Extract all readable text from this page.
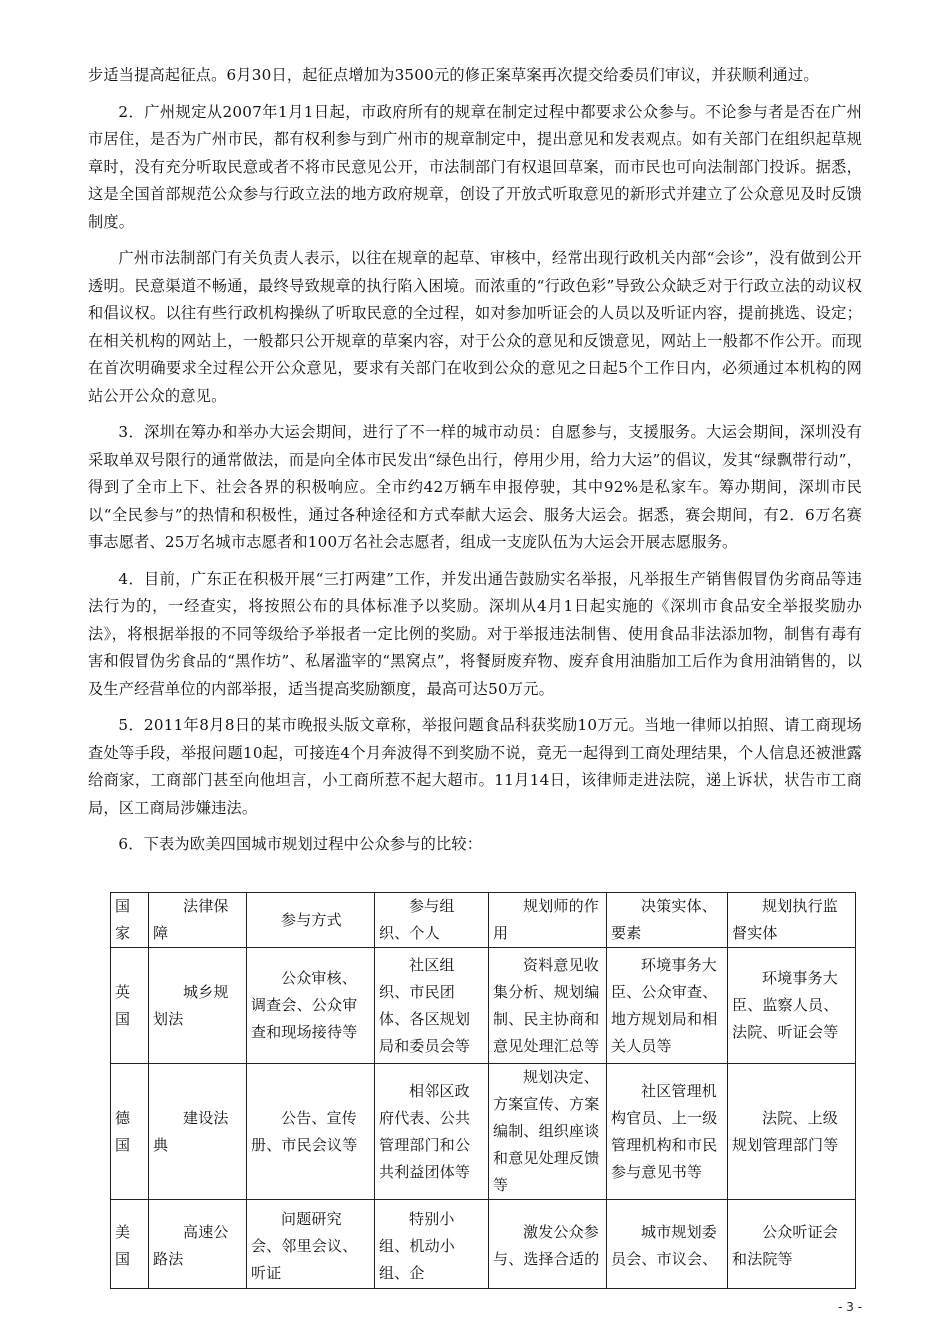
步适当提高起征点。6月30日，起征点增加为3500元的修正案草案再次提交给委员们审议，并获顺利通过。

2．广州规定从2007年1月1日起，市政府所有的规章在制定过程中都要求公众参与。不论参与者是否在广州市居住，是否为广州市民，都有权利参与到广州市的规章制定中，提出意见和发表观点。如有关部门在组织起草规章时，没有充分听取民意或者不将市民意见公开，市法制部门有权退回草案，而市民也可向法制部门投诉。据悉，这是全国首部规范公众参与行政立法的地方政府规章，创设了开放式听取意见的新形式并建立了公众意见及时反馈制度。

广州市法制部门有关负责人表示，以往在规章的起草、审核中，经常出现行政机关内部“会诊”，没有做到公开透明。民意渠道不畅通，最终导致规章的执行陷入困境。而浓重的“行政色彩”导致公众缺乏对于行政立法的动议权和倡议权。以往有些行政机构操纵了听取民意的全过程，如对参加听证会的人员以及听证内容，提前挑选、设定；在相关机构的网站上，一般都只公开规章的草案内容，对于公众的意见和反馈意见，网站上一般都不作公开。而现在首次明确要求全过程公开公众意见，要求有关部门在收到公众的意见之日起5个工作日内，必须通过本机构的网站公开公众的意见。

3．深圳在筹办和举办大运会期间，进行了不一样的城市动员：自愿参与，支援服务。大运会期间，深圳没有采取单双号限行的通常做法，而是向全体市民发出“绿色出行，停用少用，给力大运”的倡议，发其“绿飘带行动”，得到了全市上下、社会各界的积极响应。全市约42万辆车申报停驶，其中92%是私家车。筹办期间，深圳市民以“全民参与”的热情和积极性，通过各种途径和方式奉献大运会、服务大运会。据悉，赛会期间，有2．6万名赛事志愿者、25万名城市志愿者和100万名社会志愿者，组成一支庞队伍为大运会开展志愿服务。

4．目前，广东正在积极开展“三打两建”工作，并发出通告鼓励实名举报，凡举报生产销售假冒伪劣商品等违法行为的，一经查实，将按照公布的具体标准予以奖励。深圳从4月1日起实施的《深圳市食品安全举报奖励办法》，将根据举报的不同等级给予举报者一定比例的奖励。对于举报违法制售、使用食品非法添加物，制售有毒有害和假冒伪劣食品的“黑作坊”、私屠滥宰的“黑窝点”，将餐厨废弃物、废弃食用油脂加工后作为食用油销售的，以及生产经营单位的内部举报，适当提高奖励额度，最高可达50万元。

5．2011年8月8日的某市晚报头版文章称，举报问题食品科获奖励10万元。当地一律师以拍照、请工商现场查处等手段，举报问题10起，可接连4个月奔波得不到奖励不说，竟无一起得到工商处理结果，个人信息还被泄露给商家，工商部门甚至向他坦言，小工商所惹不起大超市。11月14日，该律师走进法院，递上诉状，状告市工商局，区工商局涉嫌违法。

6．下表为欧美四国城市规划过程中公众参与的比较：

国家	法律保障	参与方式	参与组织、个人	规划师的作用	决策实体、要素	规划执行监督实体

英国	城乡规划法	公众审核、调查会、公众审查和现场接待等	社区组织、市民团体、各区规划局和委员会等	资料意见收集分析、规划编制、民主协商和意见处理汇总等	环境事务大臣、公众审查、地方规划局和相关人员等	环境事务大臣、监察人员、法院、听证会等

德国	建设法典	公告、宣传册、市民会议等	相邻区政府代表、公共管理部门和公共利益团体等	规划决定、方案宣传、方案编制、组织座谈和意见处理反馈等	社区管理机构官员、上一级管理机构和市民参与意见书等	法院、上级规划管理部门等

美国	高速公路法	问题研究会、邻里会议、听证	特别小组、机动小组、企	激发公众参与、选择合适的	城市规划委员会、市议会、	公众听证会和法院等
- 3 -
